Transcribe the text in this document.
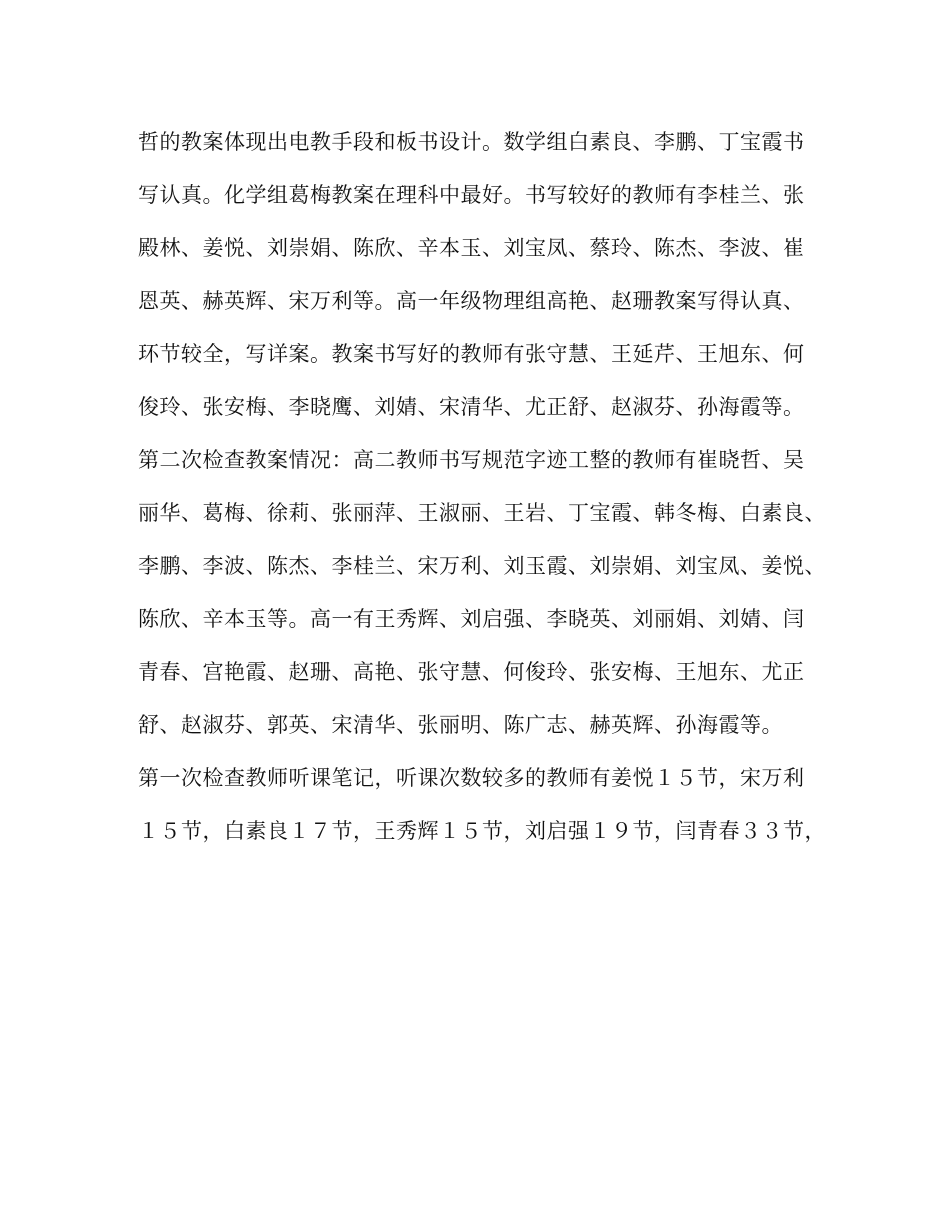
哲的教案体现出电教手段和板书设计。数学组白素良、李鹏、丁宝霞书
写认真。化学组葛梅教案在理科中最好。书写较好的教师有李桂兰、张
殿林、姜悦、刘崇娟、陈欣、辛本玉、刘宝凤、蔡玲、陈杰、李波、崔
恩英、赫英辉、宋万利等。高一年级物理组高艳、赵珊教案写得认真、
环节较全，写详案。教案书写好的教师有张守慧、王延芹、王旭东、何
俊玲、张安梅、李晓鹰、刘婧、宋清华、尤正舒、赵淑芬、孙海霞等。
第二次检查教案情况：高二教师书写规范字迹工整的教师有崔晓哲、吴
丽华、葛梅、徐莉、张丽萍、王淑丽、王岩、丁宝霞、韩冬梅、白素良、
李鹏、李波、陈杰、李桂兰、宋万利、刘玉霞、刘崇娟、刘宝凤、姜悦、
陈欣、辛本玉等。高一有王秀辉、刘启强、李晓英、刘丽娟、刘婧、闫
青春、宫艳霞、赵珊、高艳、张守慧、何俊玲、张安梅、王旭东、尤正
舒、赵淑芬、郭英、宋清华、张丽明、陈广志、赫英辉、孙海霞等。
第一次检查教师听课笔记，听课次数较多的教师有姜悦１５节，宋万利
１５节，白素良１７节，王秀辉１５节，刘启强１９节，闫青春３３节，
